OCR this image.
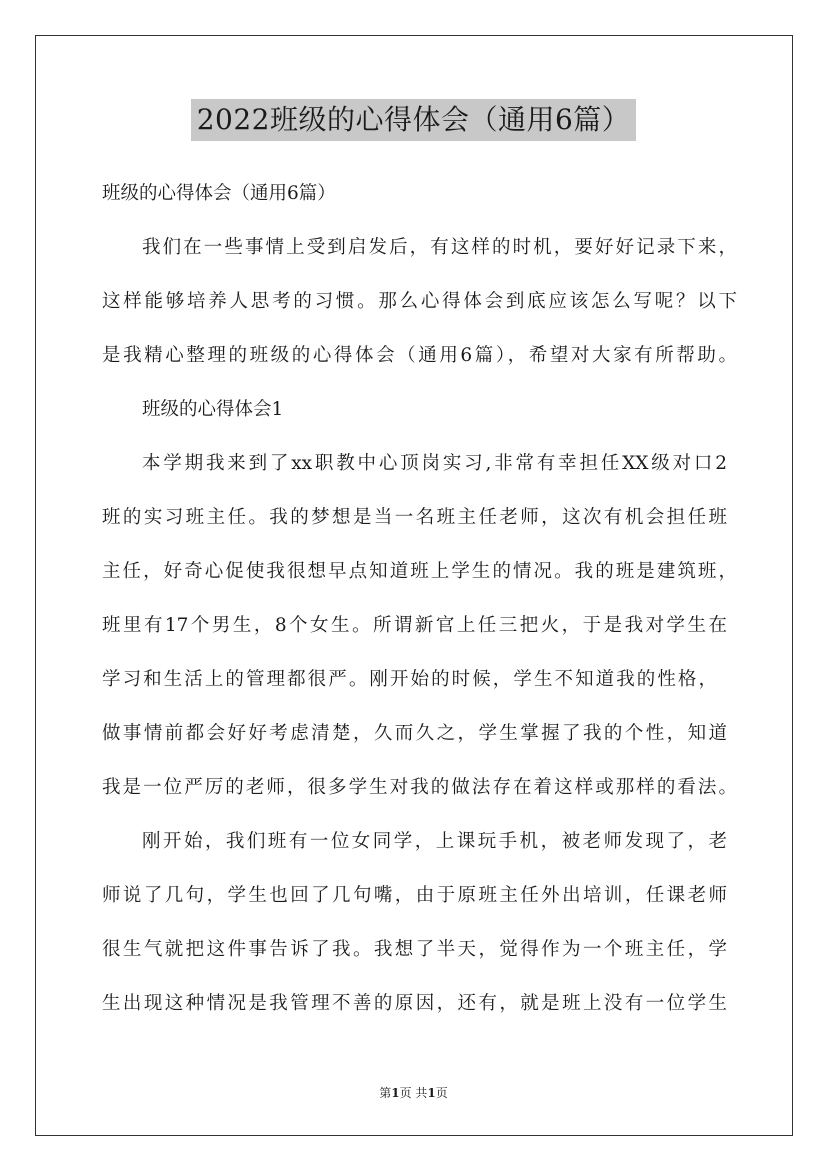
2022班级的心得体会（通用6篇）
班级的心得体会（通用6篇）
我们在一些事情上受到启发后，有这样的时机，要好好记录下来，
这样能够培养人思考的习惯。那么心得体会到底应该怎么写呢？以下
是我精心整理的班级的心得体会（通用6篇），希望对大家有所帮助。
班级的心得体会1
本学期我来到了xx职教中心顶岗实习,非常有幸担任XX级对口2
班的实习班主任。我的梦想是当一名班主任老师，这次有机会担任班
主任，好奇心促使我很想早点知道班上学生的情况。我的班是建筑班，
班里有17个男生，8个女生。所谓新官上任三把火，于是我对学生在
学习和生活上的管理都很严。刚开始的时候，学生不知道我的性格，
做事情前都会好好考虑清楚，久而久之，学生掌握了我的个性，知道
我是一位严厉的老师，很多学生对我的做法存在着这样或那样的看法。
刚开始，我们班有一位女同学，上课玩手机，被老师发现了，老
师说了几句，学生也回了几句嘴，由于原班主任外出培训，任课老师
很生气就把这件事告诉了我。我想了半天，觉得作为一个班主任，学
生出现这种情况是我管理不善的原因，还有，就是班上没有一位学生
第1页 共1页
